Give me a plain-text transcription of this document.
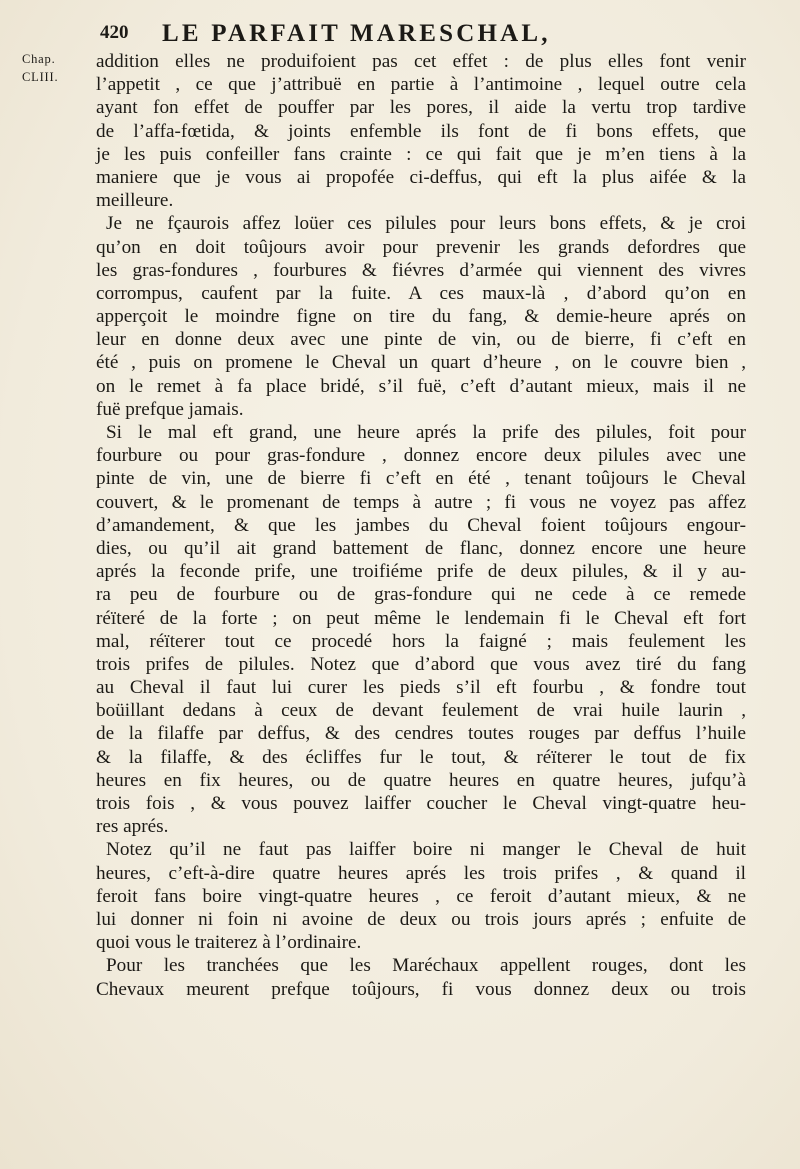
420 LE PARFAIT MARESCHAL,
Chap.
CLIII.
addition elles ne produifoient pas cet effet : de plus elles font venir
l’appetit , ce que j’attribuë en partie à l’antimoine , lequel outre cela
ayant fon effet de pouffer par les pores, il aide la vertu trop tardive
de l’affa-fœtida, & joints enfemble ils font de fi bons effets, que
je les puis confeiller fans crainte : ce qui fait que je m’en tiens à la
maniere que je vous ai propofée ci-deffus, qui eft la plus aifée & la
meilleure.
Je ne fçaurois affez loüer ces pilules pour leurs bons effets, & je croi
qu’on en doit toûjours avoir pour prevenir les grands defordres que
les gras-fondures , fourbures & fiévres d’armée qui viennent des vivres
corrompus, caufent par la fuite. A ces maux-là , d’abord qu’on en
apperçoit le moindre figne on tire du fang, & demie-heure aprés on
leur en donne deux avec une pinte de vin, ou de bierre, fi c’eft en
été , puis on promene le Cheval un quart d’heure , on le couvre bien ,
on le remet à fa place bridé, s’il fuë, c’eft d’autant mieux, mais il ne
fuë prefque jamais.
Si le mal eft grand, une heure aprés la prife des pilules, foit pour
fourbure ou pour gras-fondure , donnez encore deux pilules avec une
pinte de vin, une de bierre fi c’eft en été , tenant toûjours le Cheval
couvert, & le promenant de temps à autre ; fi vous ne voyez pas affez
d’amandement, & que les jambes du Cheval foient toûjours engour-
dies, ou qu’il ait grand battement de flanc, donnez encore une heure
aprés la feconde prife, une troifiéme prife de deux pilules, & il y au-
ra peu de fourbure ou de gras-fondure qui ne cede à ce remede
réïteré de la forte ; on peut même le lendemain fi le Cheval eft fort
mal, réïterer tout ce procedé hors la faigné ; mais feulement les
trois prifes de pilules. Notez que d’abord que vous avez tiré du fang
au Cheval il faut lui curer les pieds s’il eft fourbu , & fondre tout
boüillant dedans à ceux de devant feulement de vrai huile laurin ,
de la filaffe par deffus, & des cendres toutes rouges par deffus l’huile
& la filaffe, & des écliffes fur le tout, & réïterer le tout de fix
heures en fix heures, ou de quatre heures en quatre heures, jufqu’à
trois fois , & vous pouvez laiffer coucher le Cheval vingt-quatre heu-
res aprés.
Notez qu’il ne faut pas laiffer boire ni manger le Cheval de huit
heures, c’eft-à-dire quatre heures aprés les trois prifes , & quand il
feroit fans boire vingt-quatre heures , ce feroit d’autant mieux, & ne
lui donner ni foin ni avoine de deux ou trois jours aprés ; enfuite de
quoi vous le traiterez à l’ordinaire.
Pour les tranchées que les Maréchaux appellent rouges, dont les
Chevaux meurent prefque toûjours, fi vous donnez deux ou trois
